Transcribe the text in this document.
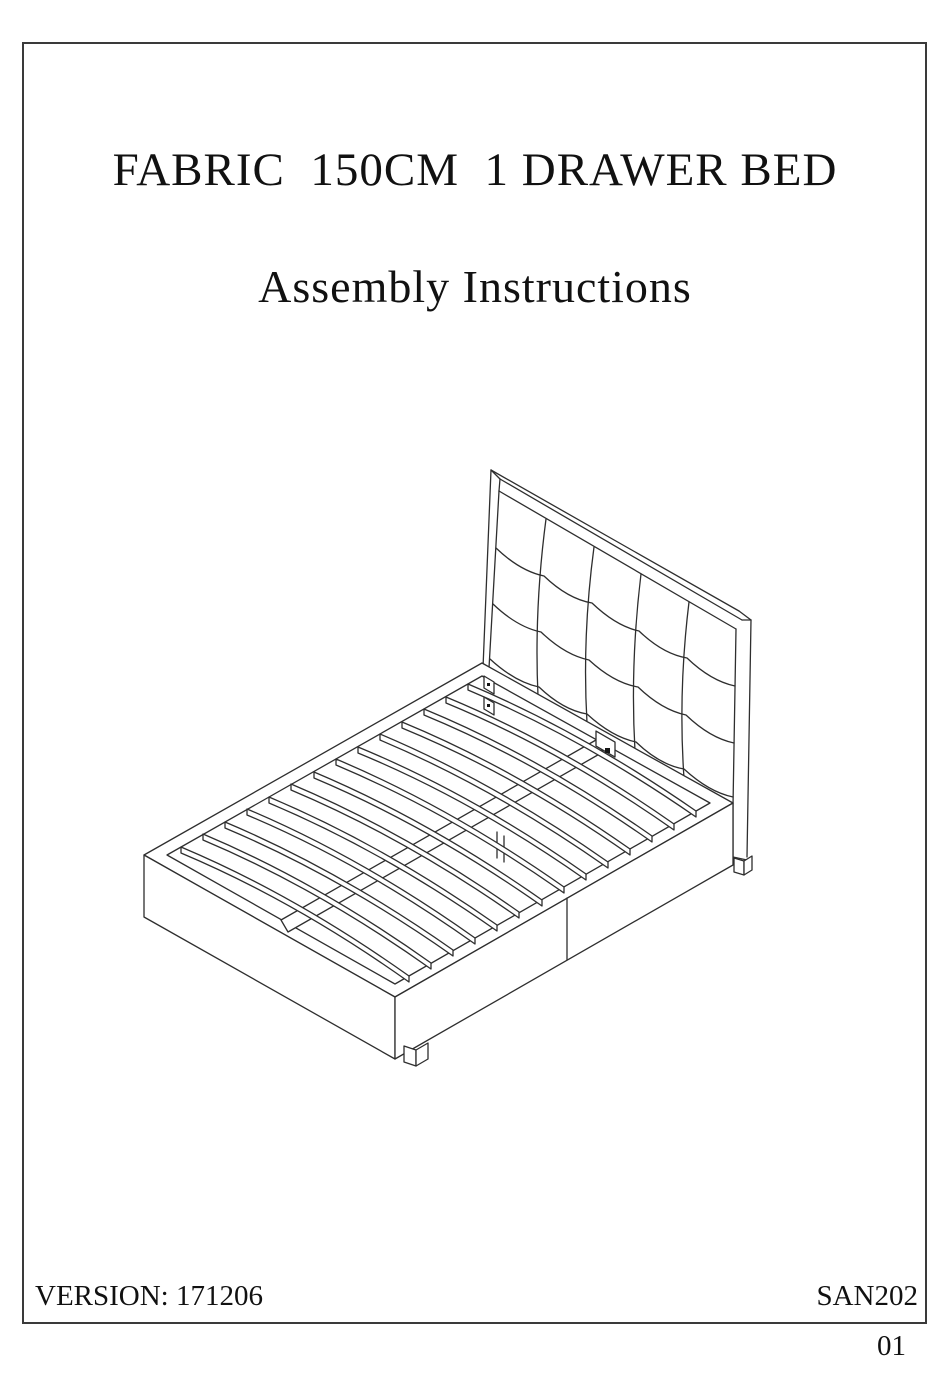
FABRIC  150CM  1 DRAWER BED
Assembly Instructions
VERSION: 171206	SAN202
01
